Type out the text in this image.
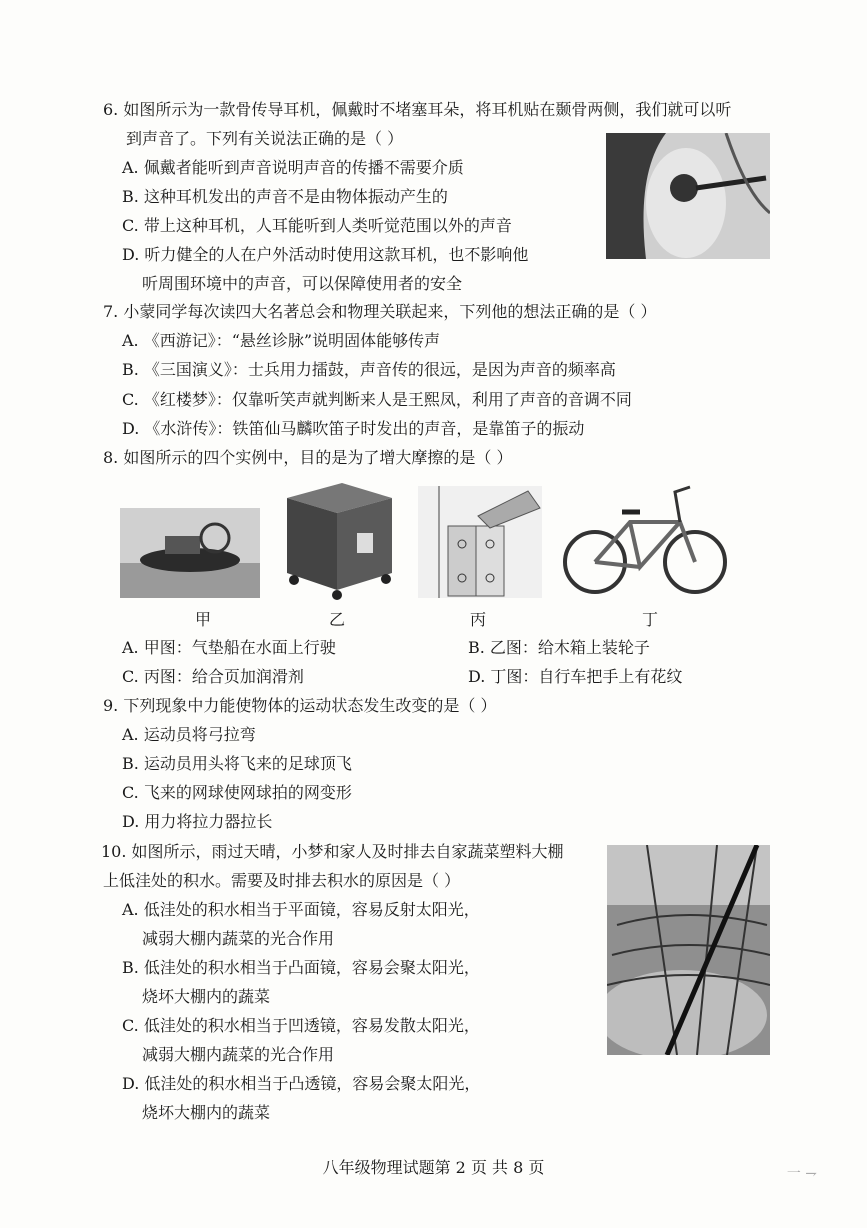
6. 如图所示为一款骨传导耳机，佩戴时不堵塞耳朵，将耳机贴在颞骨两侧，我们就可以听
到声音了。下列有关说法正确的是（ ）
A. 佩戴者能听到声音说明声音的传播不需要介质
B. 这种耳机发出的声音不是由物体振动产生的
C. 带上这种耳机，人耳能听到人类听觉范围以外的声音
D. 听力健全的人在户外活动时使用这款耳机，也不影响他
听周围环境中的声音，可以保障使用者的安全
7. 小蒙同学每次读四大名著总会和物理关联起来，下列他的想法正确的是（ ）
A. 《西游记》：“悬丝诊脉”说明固体能够传声
B. 《三国演义》：士兵用力擂鼓，声音传的很远，是因为声音的频率高
C. 《红楼梦》：仅靠听笑声就判断来人是王熙凤，利用了声音的音调不同
D. 《水浒传》：铁笛仙马麟吹笛子时发出的声音，是靠笛子的振动
8. 如图所示的四个实例中，目的是为了增大摩擦的是（ ）
甲	乙	丙	丁
A. 甲图：气垫船在水面上行驶	B. 乙图：给木箱上装轮子
C. 丙图：给合页加润滑剂	D. 丁图：自行车把手上有花纹
9. 下列现象中力能使物体的运动状态发生改变的是（ ）
A. 运动员将弓拉弯
B. 运动员用头将飞来的足球顶飞
C. 飞来的网球使网球拍的网变形
D. 用力将拉力器拉长
10. 如图所示，雨过天晴，小梦和家人及时排去自家蔬菜塑料大棚
上低洼处的积水。需要及时排去积水的原因是（ ）
A. 低洼处的积水相当于平面镜，容易反射太阳光，
减弱大棚内蔬菜的光合作用
B. 低洼处的积水相当于凸面镜，容易会聚太阳光，
烧坏大棚内的蔬菜
C. 低洼处的积水相当于凹透镜，容易发散太阳光，
减弱大棚内蔬菜的光合作用
D. 低洼处的积水相当于凸透镜，容易会聚太阳光，
烧坏大棚内的蔬菜
八年级物理试题第 2 页 共 8 页	一 ⇁
